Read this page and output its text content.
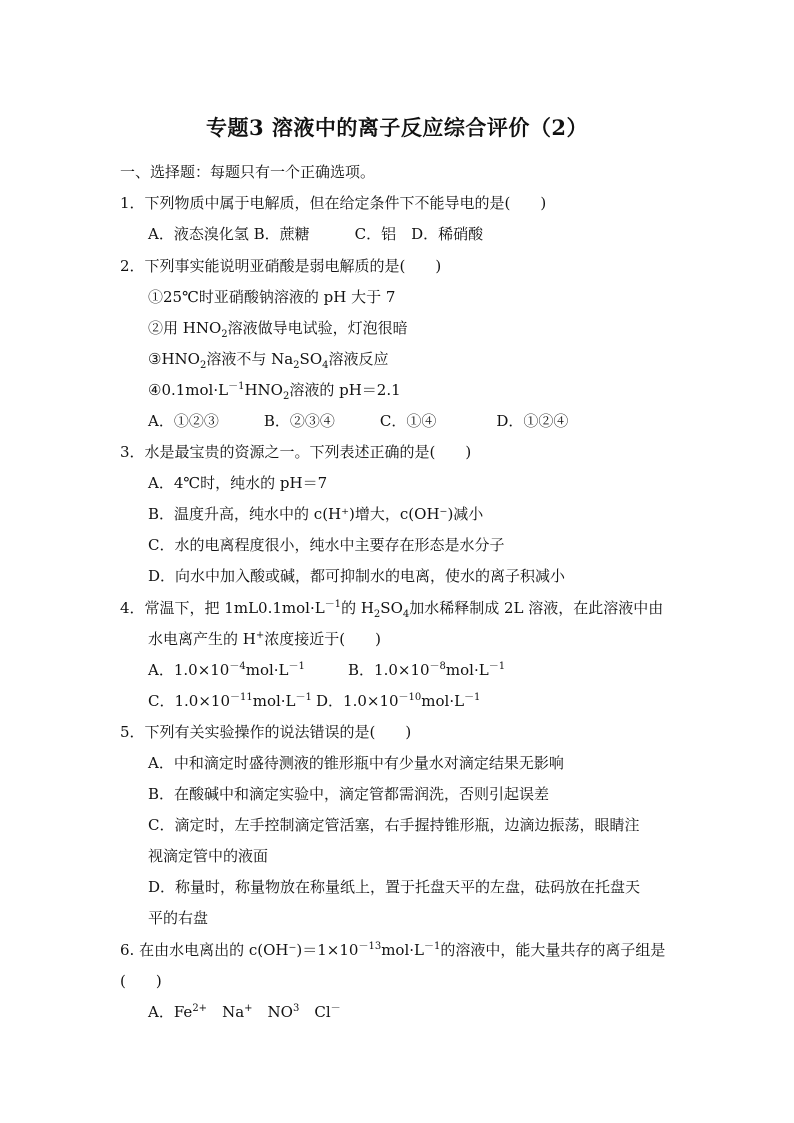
专题3 溶液中的离子反应综合评价（2）
一、选择题：每题只有一个正确选项。
1．下列物质中属于电解质，但在给定条件下不能导电的是(　　)
A．液态溴化氢 B．蔗糖　　　C．铝　D．稀硝酸
2．下列事实能说明亚硝酸是弱电解质的是(　　)
①25℃时亚硝酸钠溶液的 pH 大于 7
②用 $HNO_2$溶液做导电试验，灯泡很暗
$③HNO_2$溶液不与 $Na_2SO_4$溶液反应
$④0.1mol\cdot L^{-1}HNO_2$溶液的 pH＝2.1
A．①②③　　　B．②③④　　　C．①④　　　　D．①②④
3．水是最宝贵的资源之一。下列表述正确的是(　　)
A．4℃时，纯水的 pH＝7
B．温度升高，纯水中的 c(H⁺)增大，c(OH⁻)减小
C．水的电离程度很小，纯水中主要存在形态是水分子
D．向水中加入酸或碱，都可抑制水的电离，使水的离子积减小
4．常温下，把 $1mL0.1mol\cdot L^{-1}$的 $H_2SO_4$加水稀释制成 2L 溶液，在此溶液中由
水电离产生的 H+浓度接近于(　　)
A．$1.0\times 10^{-4}mol\cdot L^{-1}$	B．$1.0\times 10^{-8}mol\cdot L^{-1}$
C．$1.0\times 10^{-11}mol\cdot L^{-1}$ D．$1.0\times 10^{-10}mol\cdot L^{-1}$
5．下列有关实验操作的说法错误的是(　　)
A．中和滴定时盛待测液的锥形瓶中有少量水对滴定结果无影响
B．在酸碱中和滴定实验中，滴定管都需润洗，否则引起误差
C．滴定时，左手控制滴定管活塞，右手握持锥形瓶，边滴边振荡，眼睛注
视滴定管中的液面
D．称量时，称量物放在称量纸上，置于托盘天平的左盘，砝码放在托盘天
平的右盘
6. 在由水电离出的 $c(OH^-)=1\times 10^{-13}mol\cdot L^{-1}$的溶液中，能大量共存的离子组是
(　　)
A．$Fe^{2+}$　Na+　$NO^3$　Cl－
